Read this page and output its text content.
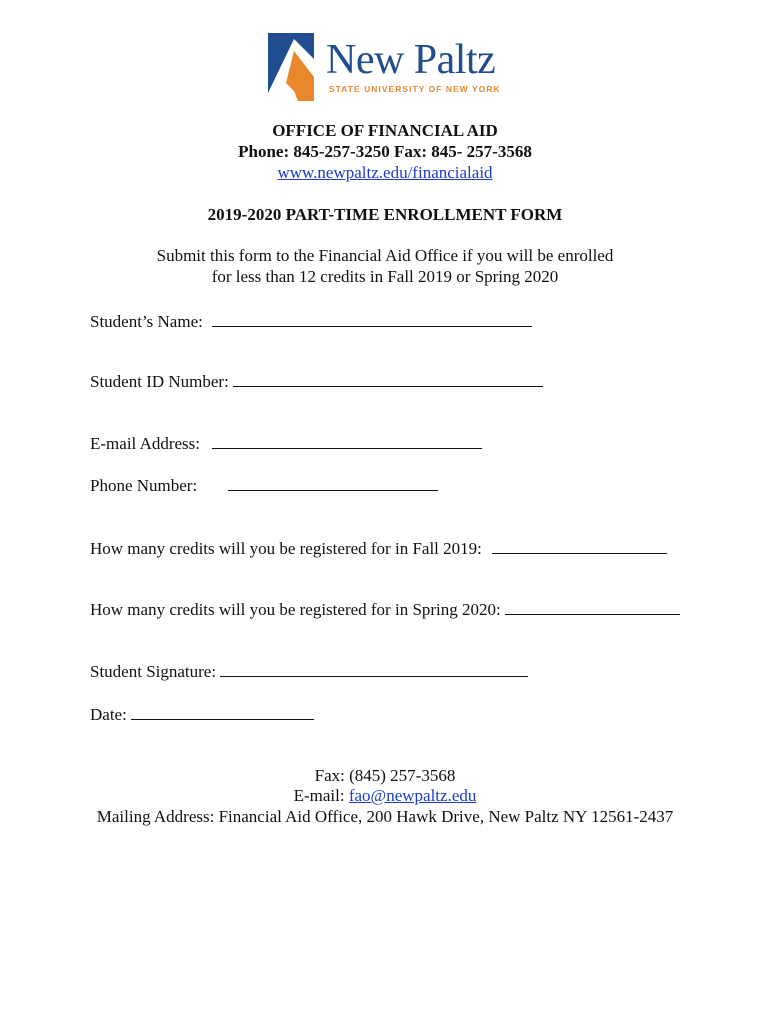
New Paltz
STATE UNIVERSITY OF NEW YORK
OFFICE OF FINANCIAL AID
Phone: 845-257-3250 Fax: 845- 257-3568
www.newpaltz.edu/financialaid
2019-2020 PART-TIME ENROLLMENT FORM
Submit this form to the Financial Aid Office if you will be enrolled
for less than 12 credits in Fall 2019 or Spring 2020
Student’s Name:
Student ID Number:
E-mail Address:
Phone Number:
How many credits will you be registered for in Fall 2019:
How many credits will you be registered for in Spring 2020:
Student Signature:
Date:
Fax: (845) 257-3568
E-mail: fao@newpaltz.edu
Mailing Address: Financial Aid Office, 200 Hawk Drive, New Paltz NY 12561-2437
